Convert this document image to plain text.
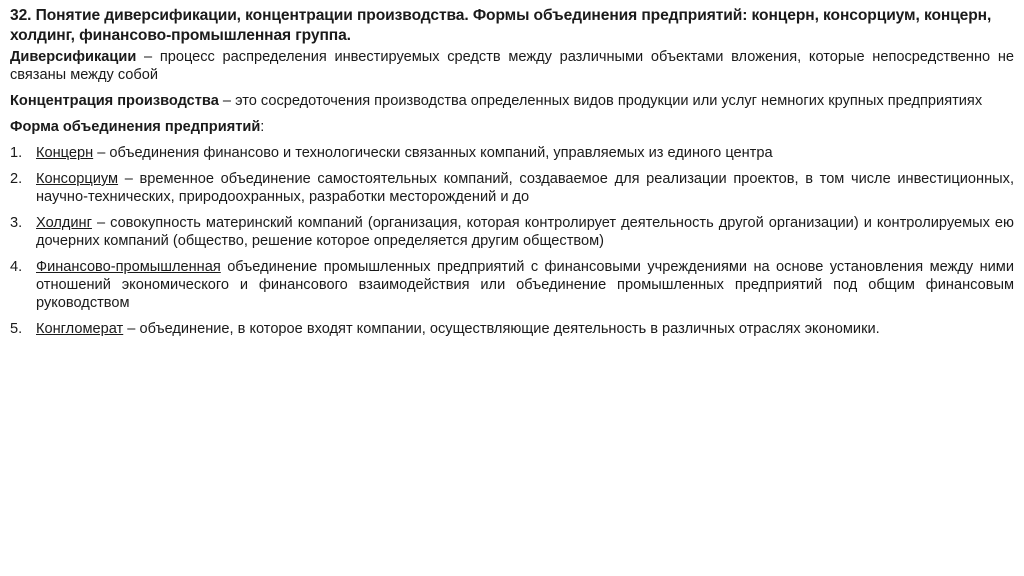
32. Понятие диверсификации, концентрации производства. Формы объединения предприятий: концерн, консорциум, концерн, холдинг, финансово-промышленная группа.

Диверсификации – процесс распределения инвестируемых средств между различными объектами вложения, которые непосредственно не связаны между собой

Концентрация производства – это сосредоточения производства определенных видов продукции или услуг немногих крупных предприятиях

Форма объединения предприятий:
1. Концерн – объединения финансово и технологически связанных компаний, управляемых из единого центра
2. Консорциум – временное объединение самостоятельных компаний, создаваемое для реализации проектов, в том числе инвестиционных, научно-технических, природоохранных, разработки месторождений и до
3. Холдинг – совокупность материнский компаний (организация, которая контролирует деятельность другой организации) и контролируемых ею дочерних компаний (общество, решение которое определяется другим обществом)
4. Финансово-промышленная объединение промышленных предприятий с финансовыми учреждениями на основе установления между ними отношений экономического и финансового взаимодействия или объединение промышленных предприятий под общим финансовым руководством
5. Конгломерат – объединение, в которое входят компании, осуществляющие деятельность в различных отраслях экономики.
